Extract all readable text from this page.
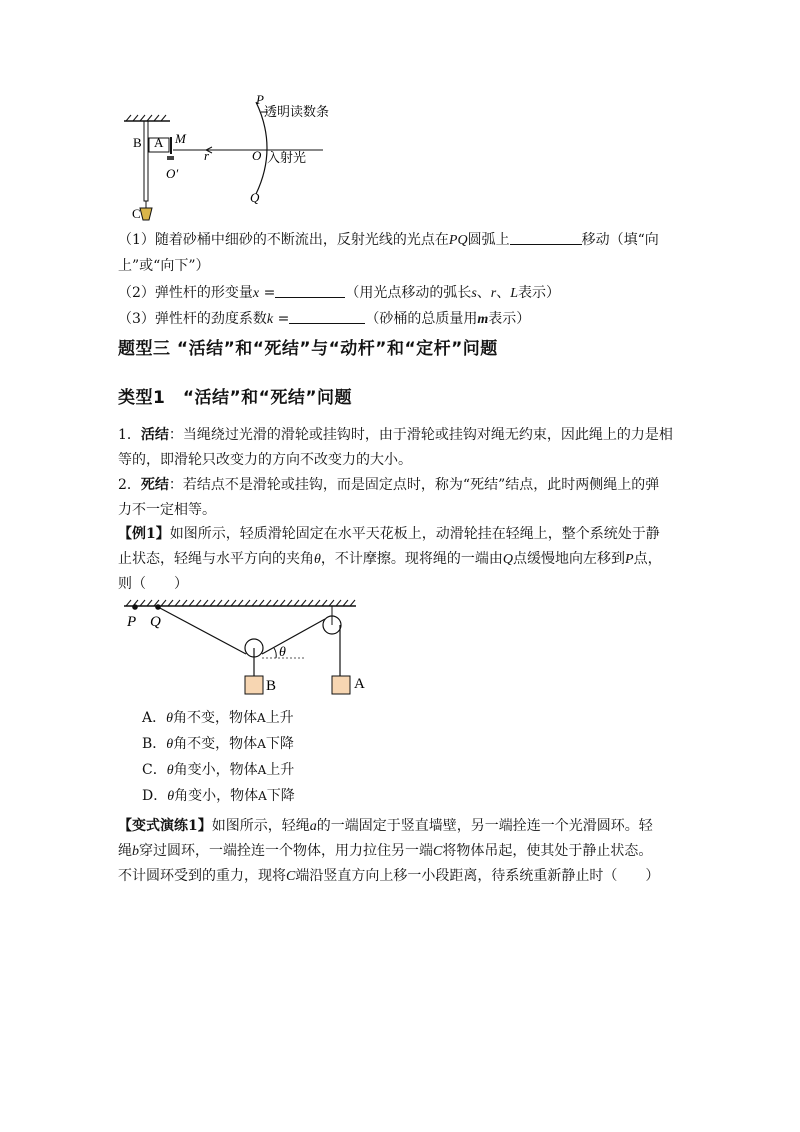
P
透明读数条
B A M
r	O 入射光
O′
Q
C
（1）随着砂桶中细砂的不断流出，反射光线的光点在PQ圆弧上	移动（填“向
上”或“向下”）
（2）弹性杆的形变量x =	（用光点移动的弧长s、r、L表示）
（3）弹性杆的劲度系数k =	（砂桶的总质量用m表示）
题型三 “活结”和“死结”与“动杆”和“定杆”问题
类型1　“活结”和“死结”问题
1．活结：当绳绕过光滑的滑轮或挂钩时，由于滑轮或挂钩对绳无约束，因此绳上的力是相
等的，即滑轮只改变力的方向不改变力的大小。
2．死结：若结点不是滑轮或挂钩，而是固定点时，称为“死结”结点，此时两侧绳上的弹
力不一定相等。
【例1】如图所示，轻质滑轮固定在水平天花板上，动滑轮挂在轻绳上，整个系统处于静
止状态，轻绳与水平方向的夹角θ，不计摩擦。现将绳的一端由Q点缓慢地向左移到P点，
则（　　）
P Q
θ
B	A
A．θ角不变，物体A上升
B．θ角不变，物体A下降
C．θ角变小，物体A上升
D．θ角变小，物体A下降
【变式演练1】如图所示，轻绳a的一端固定于竖直墙壁，另一端拴连一个光滑圆环。轻
绳b穿过圆环，一端拴连一个物体，用力拉住另一端C将物体吊起，使其处于静止状态。
不计圆环受到的重力，现将C端沿竖直方向上移一小段距离，待系统重新静止时（　　）
